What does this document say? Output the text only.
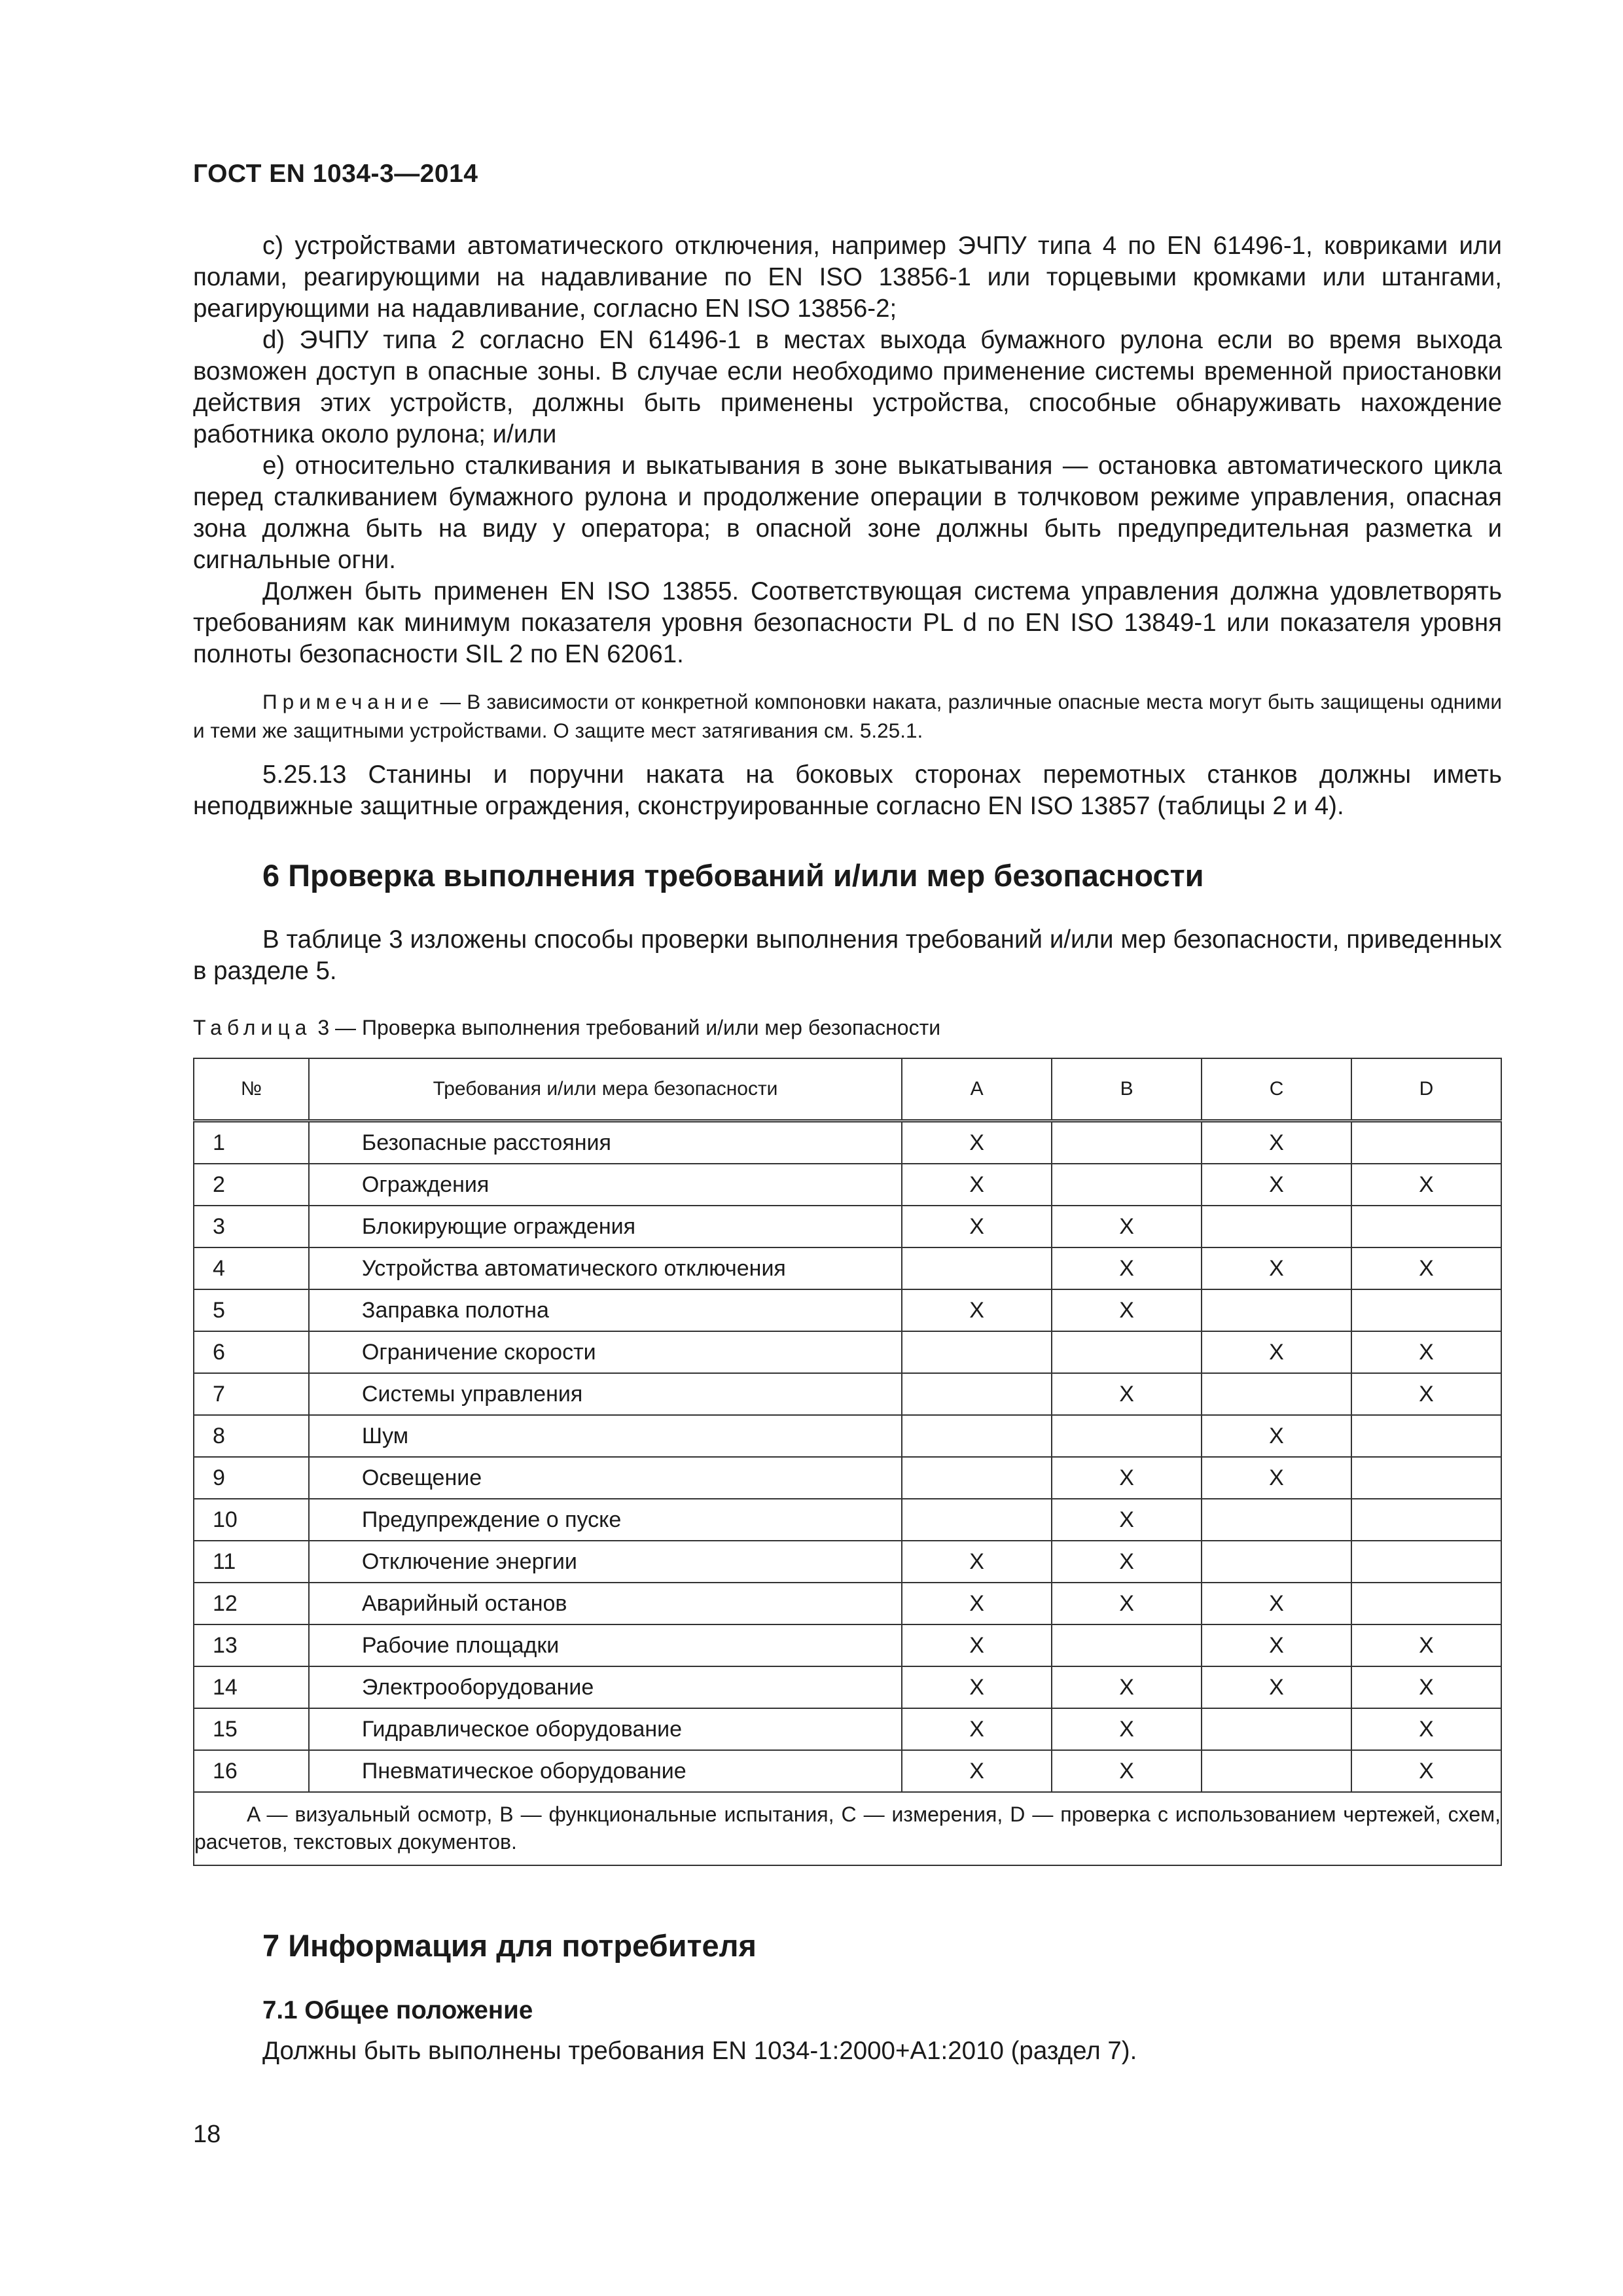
ГОСТ EN 1034-3—2014

c) устройствами автоматического отключения, например ЭЧПУ типа 4 по EN 61496-1, ковриками или полами, реагирующими на надавливание по EN ISO 13856-1 или торцевыми кромками или штангами, реагирующими на надавливание, согласно EN ISO 13856-2;

d) ЭЧПУ типа 2 согласно EN 61496-1 в местах выхода бумажного рулона если во время выхода возможен доступ в опасные зоны. В случае если необходимо применение системы временной приостановки действия этих устройств, должны быть применены устройства, способные обнаруживать нахождение работника около рулона; и/или

e) относительно сталкивания и выкатывания в зоне выкатывания — остановка автоматического цикла перед сталкиванием бумажного рулона и продолжение операции в толчковом режиме управления, опасная зона должна быть на виду у оператора; в опасной зоне должны быть предупредительная разметка и сигнальные огни.

Должен быть применен EN ISO 13855. Соответствующая система управления должна удовлетворять требованиям как минимум показателя уровня безопасности PL d по EN ISO 13849-1 или показателя уровня полноты безопасности SIL 2 по EN 62061.

Примечание — В зависимости от конкретной компоновки наката, различные опасные места могут быть защищены одними и теми же защитными устройствами. О защите мест затягивания см. 5.25.1.

5.25.13 Станины и поручни наката на боковых сторонах перемотных станков должны иметь неподвижные защитные ограждения, сконструированные согласно EN ISO 13857 (таблицы 2 и 4).

6 Проверка выполнения требований и/или мер безопасности

В таблице 3 изложены способы проверки выполнения требований и/или мер безопасности, приведенных в разделе 5.

Таблица 3 — Проверка выполнения требований и/или мер безопасности

№	Требования и/или мера безопасности	A	B	C	D
1	Безопасные расстояния	X		X	
2	Ограждения	X		X	X
3	Блокирующие ограждения	X	X		
4	Устройства автоматического отключения		X	X	X
5	Заправка полотна	X	X		
6	Ограничение скорости			X	X
7	Системы управления		X		X
8	Шум			X	
9	Освещение		X	X	
10	Предупреждение о пуске		X		
11	Отключение энергии	X	X		
12	Аварийный останов	X	X	X	
13	Рабочие площадки	X		X	X
14	Электрооборудование	X	X	X	X
15	Гидравлическое оборудование	X	X		X
16	Пневматическое оборудование	X	X		X

A — визуальный осмотр, B — функциональные испытания, C — измерения, D — проверка с использованием чертежей, схем, расчетов, текстовых документов.					
7 Информация для потребителя
7.1 Общее положение

Должны быть выполнены требования EN 1034-1:2000+A1:2010 (раздел 7).

18
